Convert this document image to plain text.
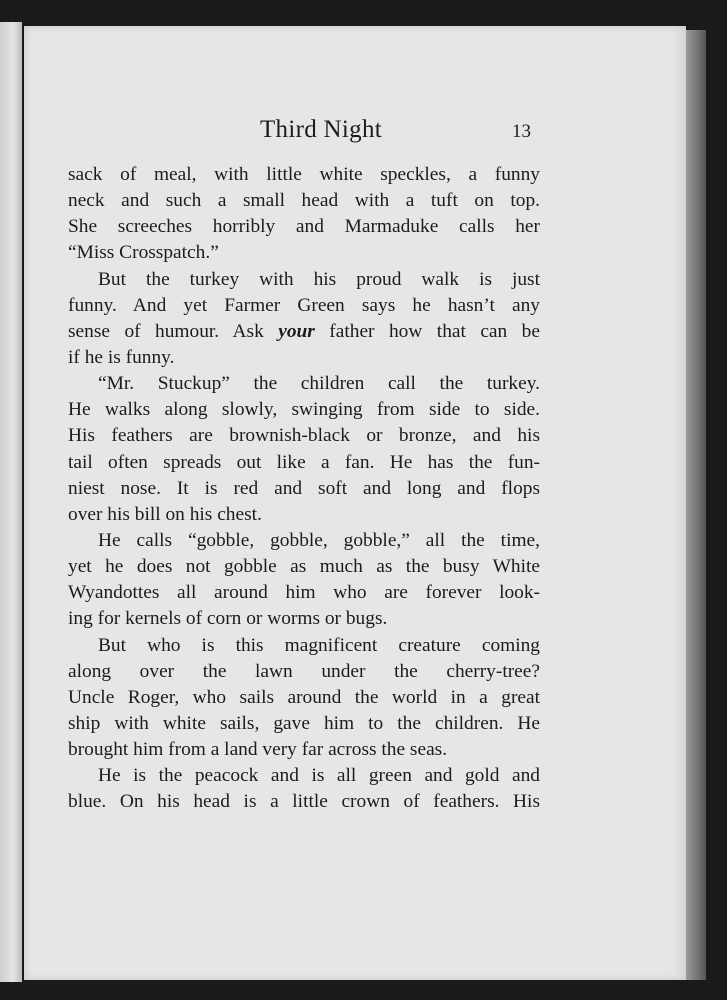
Third Night	13
sack of meal, with little white speckles, a funny
neck and such a small head with a tuft on top.
She screeches horribly and Marmaduke calls her
“Miss Crosspatch.”
But the turkey with his proud walk is just
funny. And yet Farmer Green says he hasn’t any
sense of humour. Ask your father how that can be
if he is funny.
“Mr. Stuckup” the children call the turkey.
He walks along slowly, swinging from side to side.
His feathers are brownish-black or bronze, and his
tail often spreads out like a fan. He has the fun-
niest nose. It is red and soft and long and flops
over his bill on his chest.
He calls “gobble, gobble, gobble,” all the time,
yet he does not gobble as much as the busy White
Wyandottes all around him who are forever look-
ing for kernels of corn or worms or bugs.
But who is this magnificent creature coming
along over the lawn under the cherry-tree?
Uncle Roger, who sails around the world in a great
ship with white sails, gave him to the children. He
brought him from a land very far across the seas.
He is the peacock and is all green and gold and
blue. On his head is a little crown of feathers. His
